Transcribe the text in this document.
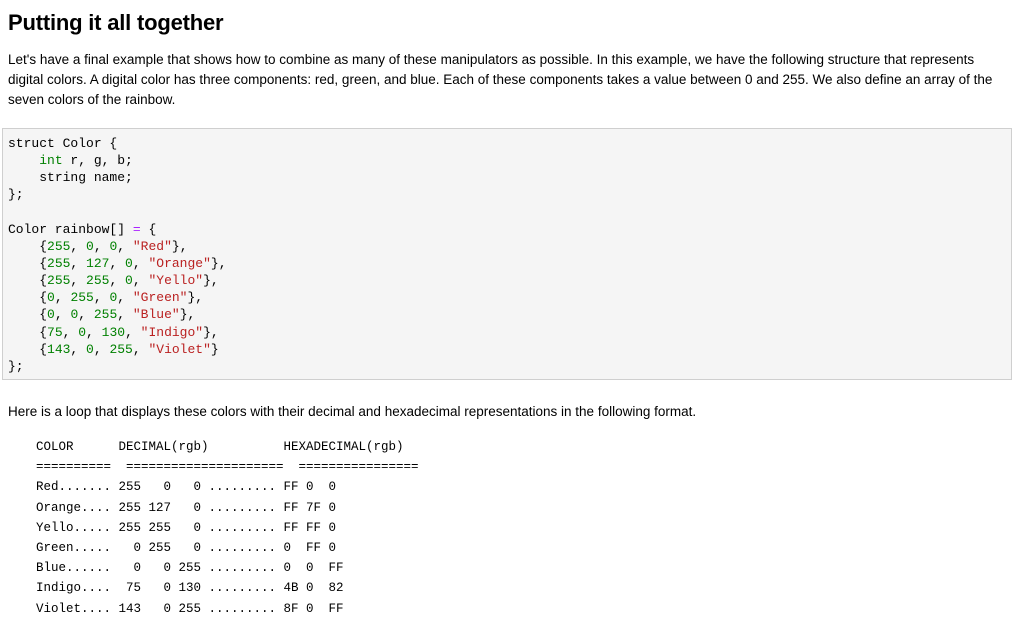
Putting it all together

Let's have a final example that shows how to combine as many of these manipulators as possible. In this example, we have the following structure that represents digital colors. A digital color has three components: red, green, and blue. Each of these components takes a value between 0 and 255. We also define an array of the seven colors of the rainbow.

struct Color {
int r, g, b;
string name;
};
Color rainbow[] = {
{255, 0, 0, "Red"},
{255, 127, 0, "Orange"},
{255, 255, 0, "Yello"},
{0, 255, 0, "Green"},
{0, 0, 255, "Blue"},
{75, 0, 130, "Indigo"},
{143, 0, 255, "Violet"}
};

Here is a loop that displays these colors with their decimal and hexadecimal representations in the following format.

COLOR      DECIMAL(rgb)          HEXADECIMAL(rgb)
==========  =====================  ================
Red....... 255   0   0 ......... FF 0  0
Orange.... 255 127   0 ......... FF 7F 0
Yello..... 255 255   0 ......... FF FF 0
Green.....   0 255   0 ......... 0  FF 0
Blue......   0   0 255 ......... 0  0  FF
Indigo....  75   0 130 ......... 4B 0  82
Violet.... 143   0 255 ......... 8F 0  FF
